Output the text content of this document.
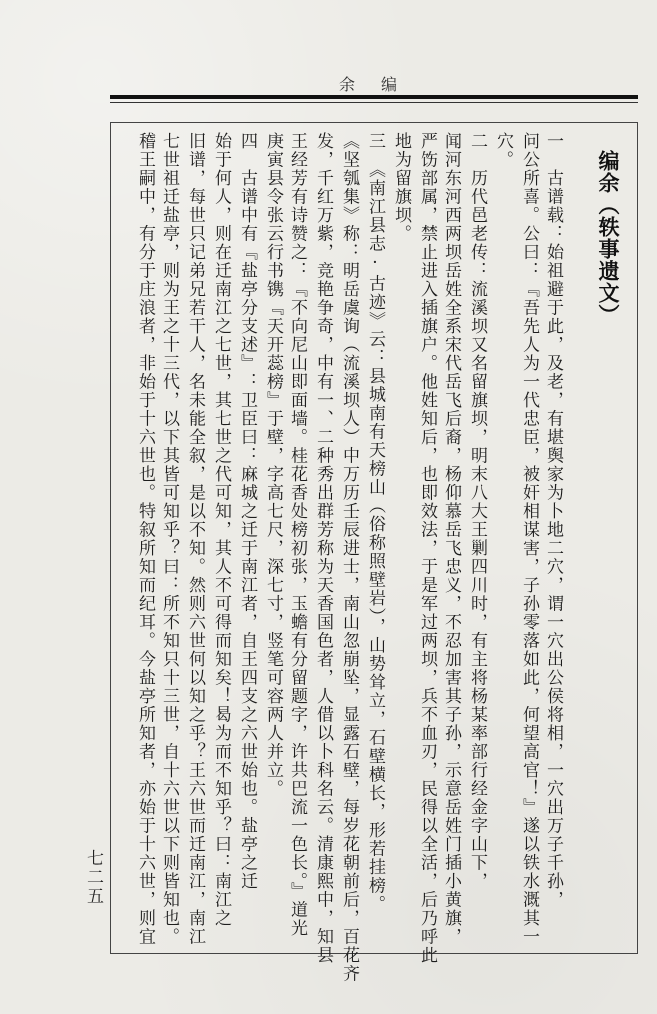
余编
编余（轶事遗文）
一　古谱载：始祖避于此，及老，有堪舆家为卜地二穴，谓一穴出公侯将相，一穴出万子千孙，
问公所喜。公曰：『吾先人为一代忠臣，被奸相谋害，子孙零落如此，何望高官！』遂以铁水溉其一
穴。
二　历代邑老传：流溪坝又名留旗坝，明末八大王剿四川时，有主将杨某率部行经金字山下，
闻河东河西两坝岳姓全系宋代岳飞后裔，杨仰慕岳飞忠义，不忍加害其子孙，示意岳姓门插小黄旗，
严饬部属，禁止进入插旗户。他姓知后，也即效法，于是军过两坝，兵不血刃，民得以全活，后乃呼此
地为留旗坝。
三　《南江县志·古迹》云：县城南有天榜山（俗称照壁岩），山势耸立，石壁横长，形若挂榜。
《坚瓠集》称：明岳虞询（流溪坝人）中万历壬辰进士，南山忽崩坠，显露石壁，每岁花朝前后，百花齐
发，千红万紫，竞艳争奇，中有一、二种秀出群芳称为天香国色者，人借以卜科名云。清康熙中，知县
王经芳有诗赞之：『不向尼山即面墙。桂花香处榜初张，玉蟾有分留题字，许共巴流一色长。』道光
庚寅县令张云行书镌『天开蕊榜』于壁，字高七尺，深七寸，竖笔可容两人并立。
四　古谱中有『盐亭分支述』：卫臣曰：麻城之迁于南江者，自王四支之六世始也。盐亭之迁
始于何人，则在迁南江之七世，其七世之代可知，其人不可得而知矣！曷为而不知乎？曰：南江之
旧谱，每世只记弟兄若干人，名未能全叙，是以不知。然则六世何以知之乎？王六世而迁南江，南江
七世祖迁盐亭，则为王之十三代，以下其皆可知乎？曰：所不知只十三世，自十六世以下则皆知也。
稽王嗣中，有分于庄浪者，非始于十六世也。特叙所知而纪耳。今盐亭所知者，亦始于十六世，则宜
七二五
